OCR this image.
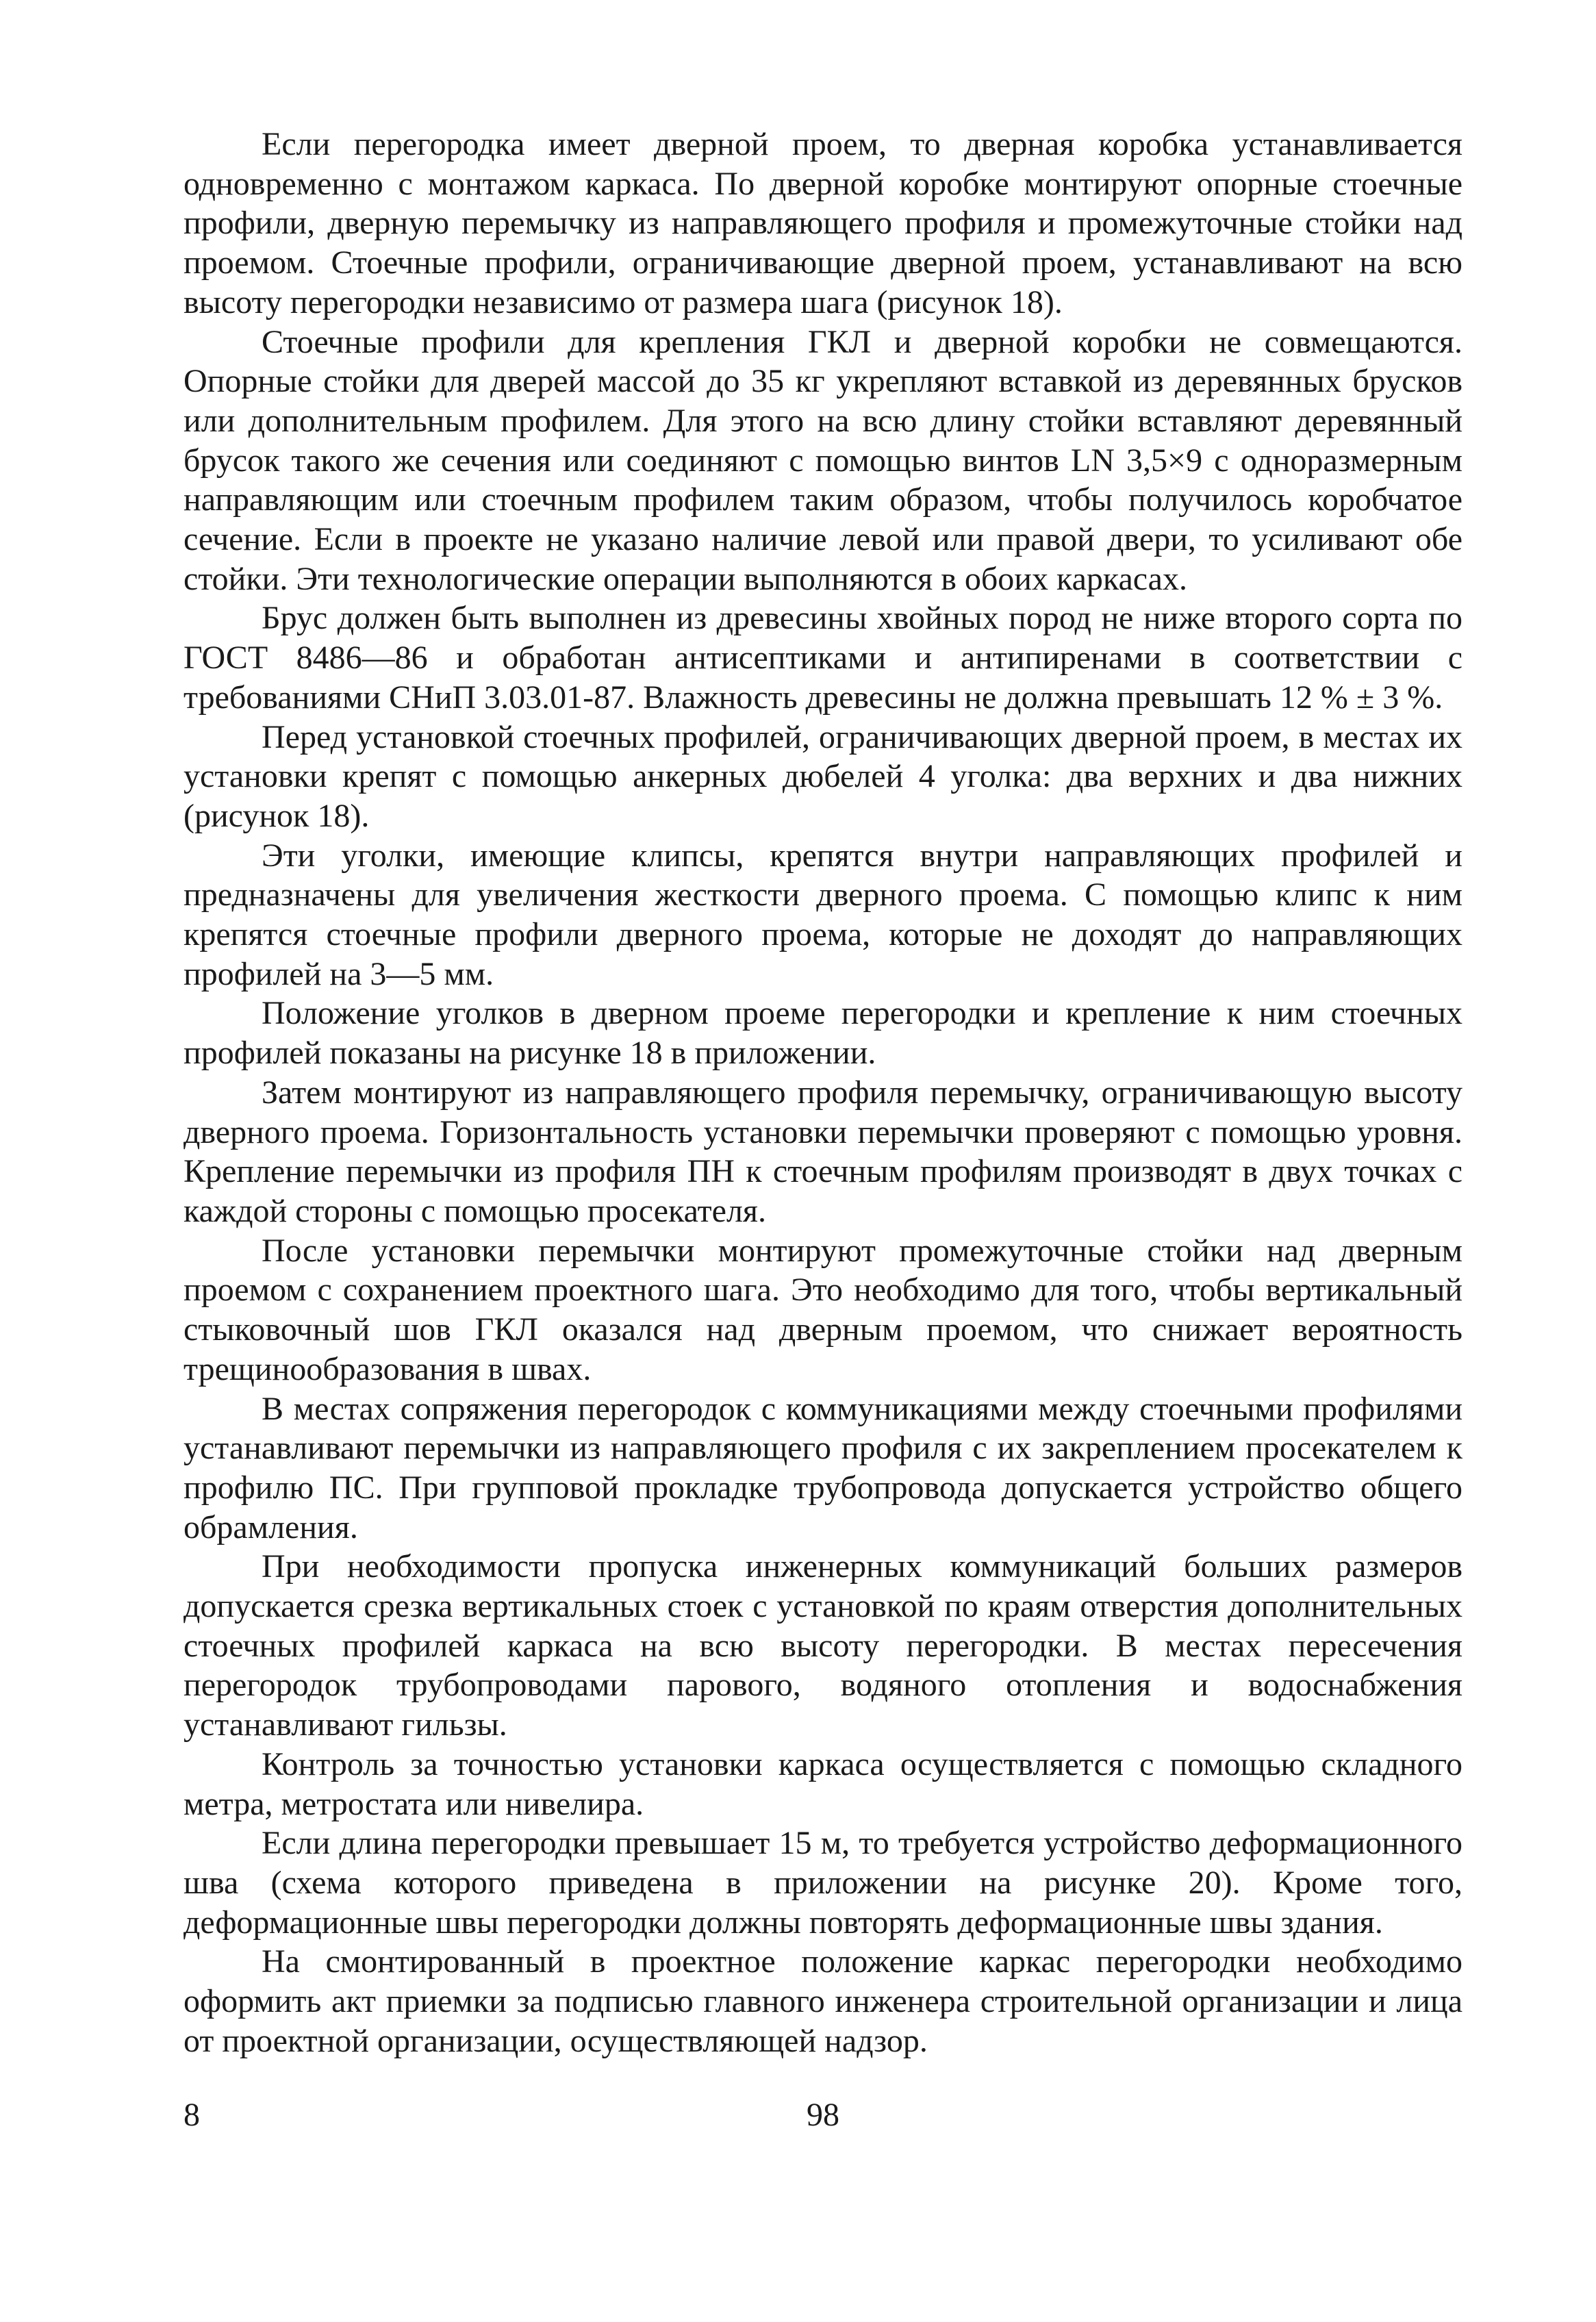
Если перегородка имеет дверной проем, то дверная коробка устанавливается одновременно с монтажом каркаса. По дверной коробке монтируют опорные стоечные профили, дверную перемычку из направляющего профиля и промежуточные стойки над проемом. Стоечные профили, ограничивающие дверной проем, устанавливают на всю высоту перегородки независимо от размера шага (рисунок 18).

Стоечные профили для крепления ГКЛ и дверной коробки не совмещаются. Опорные стойки для дверей массой до 35 кг укрепляют вставкой из деревянных брусков или дополнительным профилем. Для этого на всю длину стойки вставляют деревянный брусок такого же сечения или соединяют с помощью винтов LN 3,5×9 с одноразмерным направляющим или стоечным профилем таким образом, чтобы получилось коробчатое сечение. Если в проекте не указано наличие левой или правой двери, то усиливают обе стойки. Эти технологические операции выполняются в обоих каркасах.

Брус должен быть выполнен из древесины хвойных пород не ниже второго сорта по ГОСТ 8486—86 и обработан антисептиками и антипиренами в соответствии с требованиями СНиП 3.03.01-87. Влажность древесины не должна превышать 12 % ± 3 %.

Перед установкой стоечных профилей, ограничивающих дверной проем, в местах их установки крепят с помощью анкерных дюбелей 4 уголка: два верхних и два нижних (рисунок 18).

Эти уголки, имеющие клипсы, крепятся внутри направляющих профилей и предназначены для увеличения жесткости дверного проема. С помощью клипс к ним крепятся стоечные профили дверного проема, которые не доходят до направляющих профилей на 3—5 мм.

Положение уголков в дверном проеме перегородки и крепление к ним стоечных профилей показаны на рисунке 18 в приложении.

Затем монтируют из направляющего профиля перемычку, ограничивающую высоту дверного проема. Горизонтальность установки перемычки проверяют с помощью уровня. Крепление перемычки из профиля ПН к стоечным профилям производят в двух точках с каждой стороны с помощью просекателя.

После установки перемычки монтируют промежуточные стойки над дверным проемом с сохранением проектного шага. Это необходимо для того, чтобы вертикальный стыковочный шов ГКЛ оказался над дверным проемом, что снижает вероятность трещинообразования в швах.

В местах сопряжения перегородок с коммуникациями между стоечными профилями устанавливают перемычки из направляющего профиля с их закреплением просекателем к профилю ПС. При групповой прокладке трубопровода допускается устройство общего обрамления.

При необходимости пропуска инженерных коммуникаций больших размеров допускается срезка вертикальных стоек с установкой по краям отверстия дополнительных стоечных профилей каркаса на всю высоту перегородки. В местах пересечения перегородок трубопроводами парового, водяного отопления и водоснабжения устанавливают гильзы.

Контроль за точностью установки каркаса осуществляется с помощью складного метра, метростата или нивелира.

Если длина перегородки превышает 15 м, то требуется устройство деформационного шва (схема которого приведена в приложении на рисунке 20). Кроме того, деформационные швы перегородки должны повторять деформационные швы здания.

На смонтированный в проектное положение каркас перегородки необходимо оформить акт приемки за подписью главного инженера строительной организации и лица от проектной организации, осуществляющей надзор.

8	98
